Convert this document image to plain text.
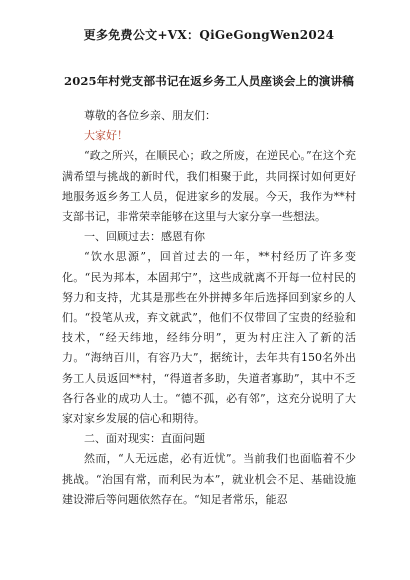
更多免费公文+VX：QiGeGongWen2024
2025年村党支部书记在返乡务工人员座谈会上的演讲稿

尊敬的各位乡亲、朋友们：

大家好！

“政之所兴，在顺民心；政之所废，在逆民心。”在这个充满希望与挑战的新时代，我们相聚于此，共同探讨如何更好地服务返乡务工人员，促进家乡的发展。今天，我作为**村支部书记，非常荣幸能够在这里与大家分享一些想法。

一、回顾过去：感恩有你

“饮水思源”，回首过去的一年，**村经历了许多变化。“民为邦本，本固邦宁”，这些成就离不开每一位村民的努力和支持，尤其是那些在外拼搏多年后选择回到家乡的人们。“投笔从戎，弃文就武”，他们不仅带回了宝贵的经验和技术，“经天纬地，经纬分明”，更为村庄注入了新的活力。“海纳百川，有容乃大”，据统计，去年共有150名外出务工人员返回**村，“得道者多助，失道者寡助”，其中不乏各行各业的成功人士。“德不孤，必有邻”，这充分说明了大家对家乡发展的信心和期待。

二、面对现实：直面问题

然而，“人无远虑，必有近忧”。当前我们也面临着不少挑战。“治国有常，而利民为本”，就业机会不足、基础设施建设滞后等问题依然存在。“知足者常乐，能忍
